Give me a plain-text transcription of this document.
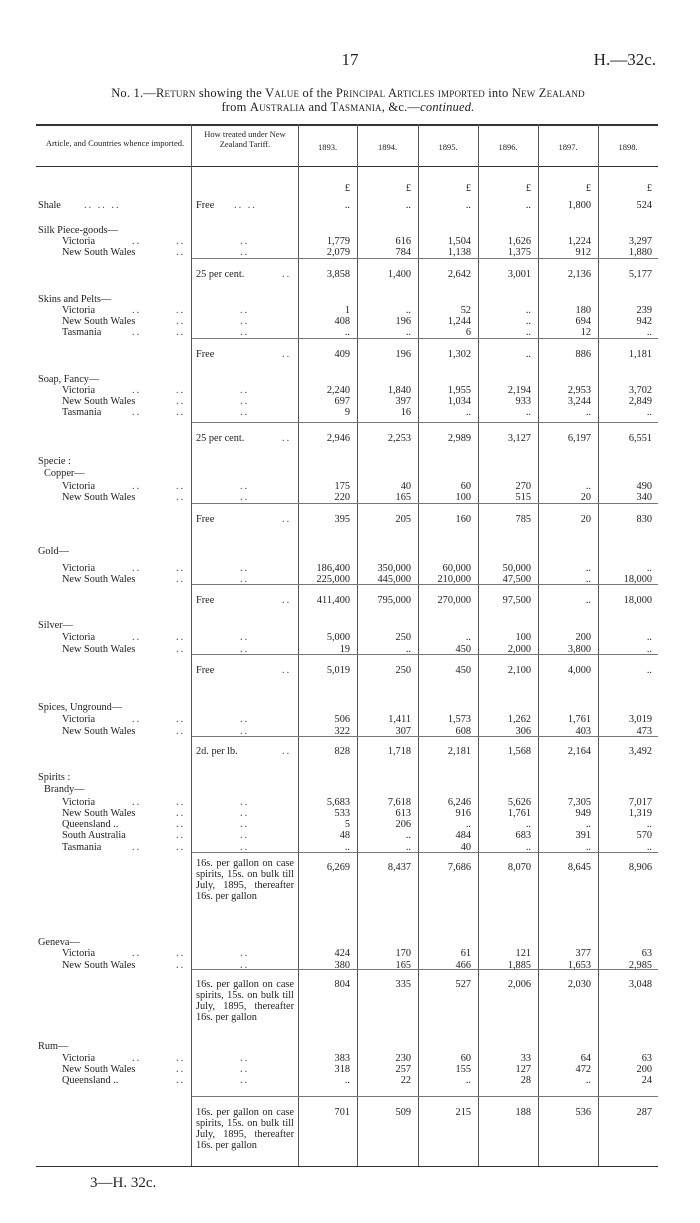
17	H.—32c.
No. 1.—Return showing the Value of the Principal Articles imported into New Zealand
from Australia and Tasmania, &c.—continued.
Article, and Countries whence imported.
How treated under New Zealand Tariff.	1893.	1894.	1895.	1896.	1897.	1898.
£	£	£	£	£	£
Shale .. .. ..	Free .. ..	..	..	..	..	1,800	524
Silk Piece-goods—
Victoria	..	..	..	1,779	616	1,504	1,626	1,224	3,297
New South Wales	..	..	2,079	784	1,138	1,375	912	1,880
25 per cent.	..	3,858	1,400	2,642	3,001	2,136	5,177
Skins and Pelts—
Victoria	..	..	..	1	..	52	..	180	239
New South Wales	..	..	408	196	1,244	..	694	942
Tasmania	..	..	..	..	..	6	..	12	..
Free	..	409	196	1,302	..	886	1,181
Soap, Fancy—
Victoria	..	..	..	2,240	1,840	1,955	2,194	2,953	3,702
New South Wales	..	..	697	397	1,034	933	3,244	2,849
Tasmania	..	..	..	9	16	..	..	..	..
25 per cent.	..	2,946	2,253	2,989	3,127	6,197	6,551
Specie :
Copper—
Victoria	..	..	..	175	40	60	270	..	490
New South Wales	..	..	220	165	100	515	20	340
Free	..	395	205	160	785	20	830
Gold—
Victoria	..	..	..	186,400	350,000	60,000	50,000	..	..
New South Wales	..	..	225,000	445,000	210,000	47,500	..	18,000
Free	..	411,400	795,000	270,000	97,500	..	18,000
Silver—
Victoria	..	..	..	5,000	250	..	100	200	..
New South Wales	..	..	19	..	450	2,000	3,800	..
Free	..	5,019	250	450	2,100	4,000	..
Spices, Unground—
Victoria	..	..	..	506	1,411	1,573	1,262	1,761	3,019
New South Wales	..	..	322	307	608	306	403	473
2d. per lb.	..	828	1,718	2,181	1,568	2,164	3,492
Spirits :
Brandy—
Victoria	..	..	..	5,683	7,618	6,246	5,626	7,305	7,017
New South Wales	..	..	533	613	916	1,761	949	1,319
Queensland ..	..	..	5	206	..	..	..	..
South Australia	..	..	48	..	484	683	391	570
Tasmania	..	..	..	..	..	40	..	..	..
16s. per gallon on case spirits, 15s. on bulk till July, 1895, thereafter 16s. per gallon
6,269	8,437	7,686	8,070	8,645	8,906
Geneva—
Victoria	..	..	..	424	170	61	121	377	63
New South Wales	..	..	380	165	466	1,885	1,653	2,985
16s. per gallon on case spirits, 15s. on bulk till July, 1895, thereafter 16s. per gallon
804	335	527	2,006	2,030	3,048
Rum—
Victoria	..	..	..	383	230	60	33	64	63
New South Wales	..	..	318	257	155	127	472	200
Queensland ..	..	..	..	22	..	28	..	24
16s. per gallon on case spirits, 15s. on bulk till July, 1895, thereafter 16s. per gallon
701	509	215	188	536	287
3—H. 32c.
